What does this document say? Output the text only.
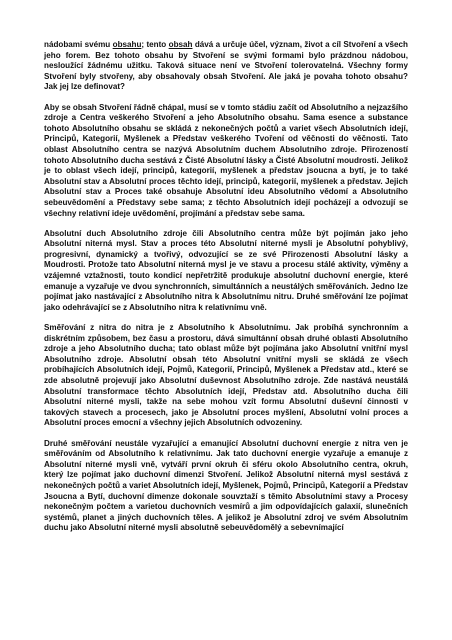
nádobami svému obsahu; tento obsah dává a určuje účel, význam, život a cíl Stvoření a všech jeho forem. Bez tohoto obsahu by Stvoření se svými formami bylo prázdnou nádobou, nesloužící žádnému užitku. Taková situace není ve Stvoření tolerovatelná. Všechny formy Stvoření byly stvořeny, aby obsahovaly obsah Stvoření. Ale jaká je povaha tohoto obsahu? Jak jej lze definovat?

Aby se obsah Stvoření řádně chápal, musí se v tomto stádiu začít od Absolutního a nejzazšího zdroje a Centra veškerého Stvoření a jeho Absolutního obsahu. Sama esence a substance tohoto Absolutního obsahu se skládá z nekonečných počtů a variet všech Absolutních idejí, Principů, Kategorií, Myšlenek a Představ veškerého Tvoření od věčnosti do věčnosti. Tato oblast Absolutního centra se nazývá Absolutním duchem Absolutního zdroje. Přirozeností tohoto Absolutního ducha sestává z Čisté Absolutní lásky a Čisté Absolutní moudrosti. Jelikož je to oblast všech idejí, principů, kategorií, myšlenek a představ jsoucna a bytí, je to také Absolutní stav a Absolutní proces těchto idejí, principů, kategorií, myšlenek a představ. Jejich Absolutní stav a Proces také obsahuje Absolutní ideu Absolutního vědomí a Absolutního sebeuvědomění a Představy sebe sama; z těchto Absolutních idejí pocházejí a odvozují se všechny relativní ideje uvědomění, projímání a představ sebe sama.

Absolutní duch Absolutního zdroje čili Absolutního centra může být pojímán jako jeho Absolutní niterná mysl. Stav a proces této Absolutní niterné mysli je Absolutní pohyblivý, progresivní, dynamický a tvořivý, odvozující se ze své Přirozenosti Absolutní lásky a Moudrosti. Protože tato Absolutní niterná mysl je ve stavu a procesu stálé aktivity, výměny a vzájemné vztažnosti, touto kondicí nepřetržitě produkuje absolutní duchovní energie, které emanuje a vyzařuje ve dvou synchronních, simultánních a neustálých směřováních. Jedno lze pojímat jako nastávající z Absolutního nitra k Absolutnímu nitru. Druhé směřování lze pojímat jako odehrávající se z Absolutního nitra k relativnímu vně.

Směřování z nitra do nitra je z Absolutního k Absolutnímu. Jak probíhá synchronním a diskrétním způsobem, bez času a prostoru, dává simultánní obsah druhé oblasti Absolutního zdroje a jeho Absolutního ducha; tato oblast může být pojímána jako Absolutní vnitřní mysl Absolutního zdroje. Absolutní obsah této Absolutní vnitřní mysli se skládá ze všech probíhajících Absolutních idejí, Pojmů, Kategorií, Principů, Myšlenek a Představ atd., které se zde absolutně projevují jako Absolutní duševnost Absolutního zdroje. Zde nastává neustálá Absolutní transformace těchto Absolutních idejí, Představ atd. Absolutního ducha čili Absolutní niterné mysli, takže na sebe mohou vzít formu Absolutní duševní činnosti v takových stavech a procesech, jako je Absolutní proces myšlení, Absolutní volní proces a Absolutní proces emocní a všechny jejich Absolutních odvozeniny.

Druhé směřování neustále vyzařující a emanující Absolutní duchovní energie z nitra ven je směřováním od Absolutního k relativnímu. Jak tato duchovní energie vyzařuje a emanuje z Absolutní niterné mysli vně, vytváří první okruh či sféru okolo Absolutního centra, okruh, který lze pojímat jako duchovní dimenzi Stvoření. Jelikož Absolutní niterná mysl sestává z nekonečných počtů a variet Absolutních idejí, Myšlenek, Pojmů, Principů, Kategorií a Představ Jsoucna a Bytí, duchovní dimenze dokonale souvztaží s těmito Absolutními stavy a Procesy nekonečným počtem a varietou duchovních vesmírů a jim odpovídajících galaxií, slunečních systémů, planet a jiných duchovních těles. A jelikož je Absolutní zdroj ve svém Absolutním duchu jako Absolutní niterné mysli absolutně sebeuvědomělý a sebevnímající
